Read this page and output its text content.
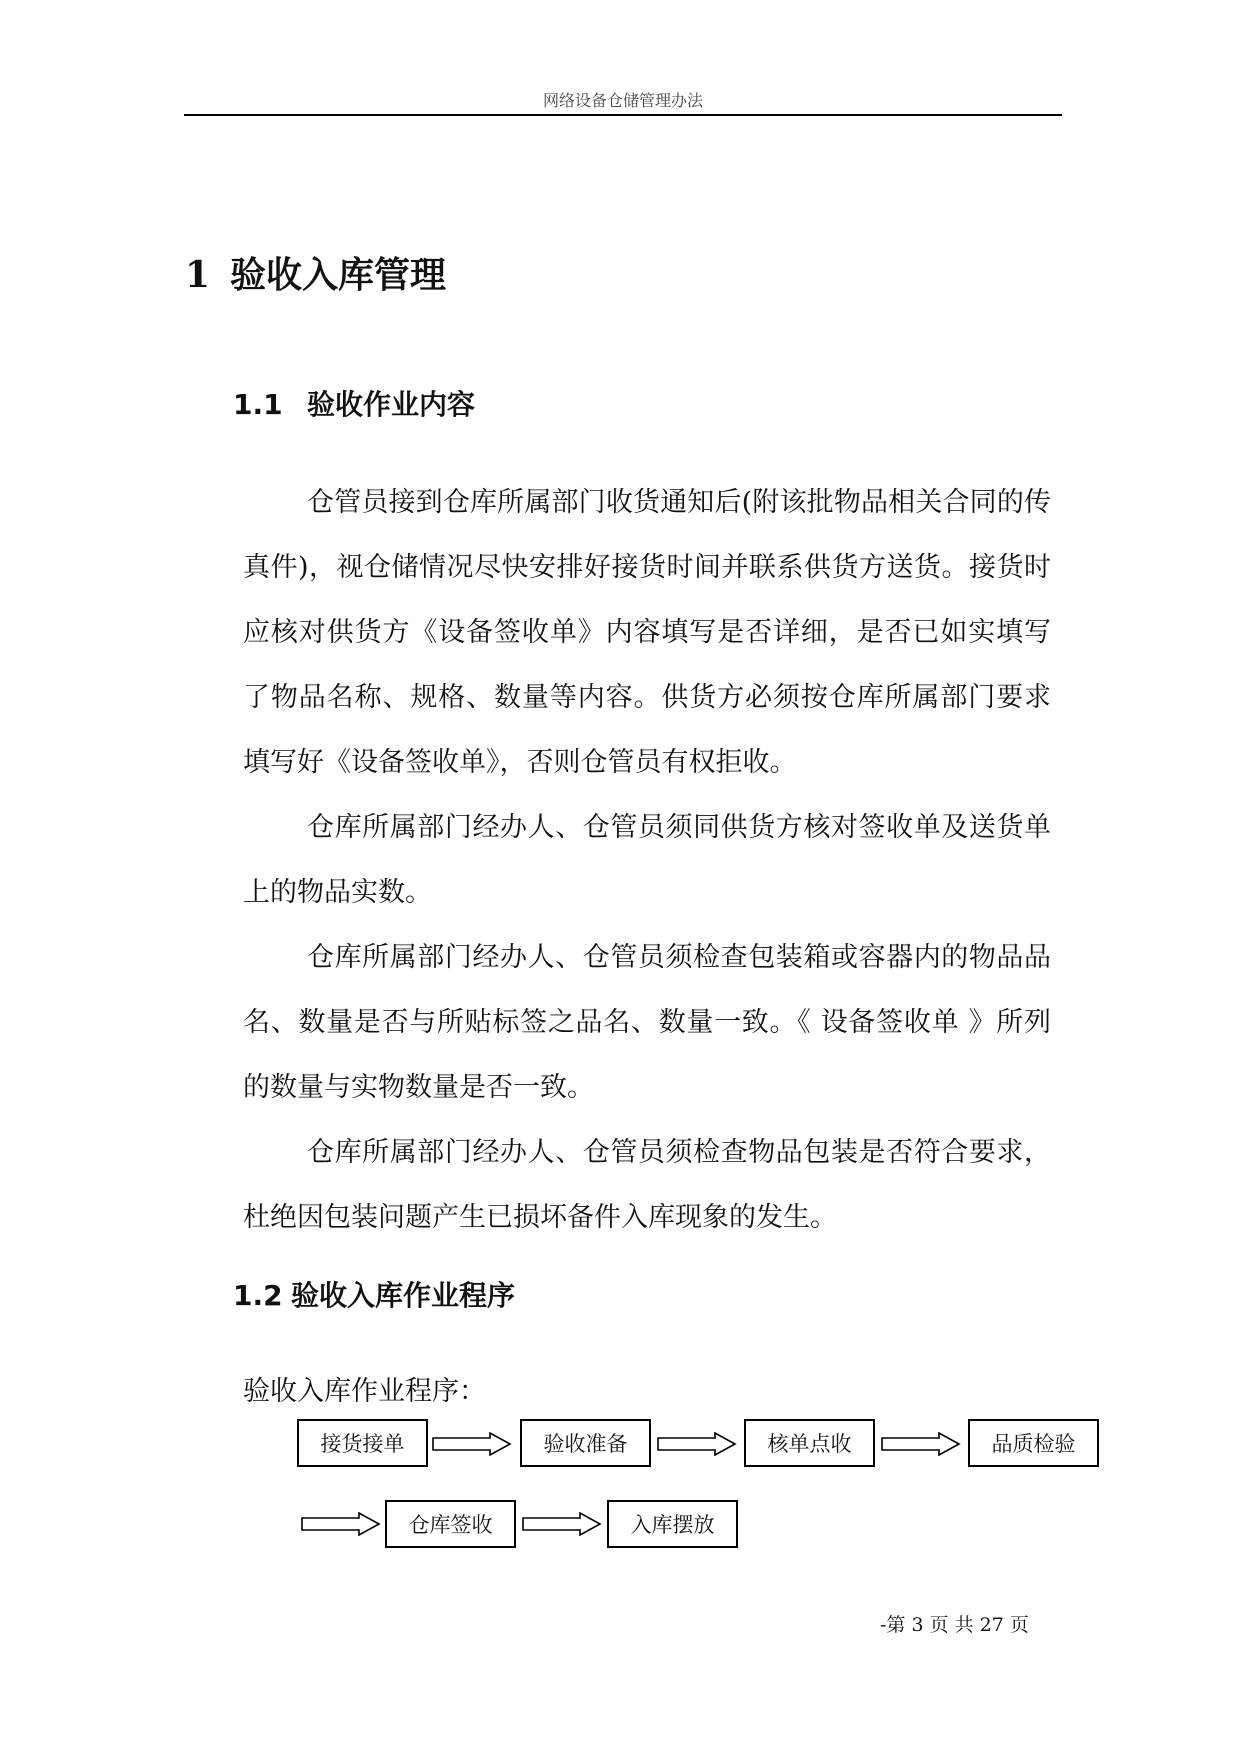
网络设备仓储管理办法
1 验收入库管理
1.1 验收作业内容

仓管员接到仓库所属部门收货通知后(附该批物品相关合同的传真件)，视仓储情况尽快安排好接货时间并联系供货方送货。接货时应核对供货方《设备签收单》内容填写是否详细，是否已如实填写了物品名称、规格、数量等内容。供货方必须按仓库所属部门要求填写好《设备签收单》，否则仓管员有权拒收。

仓库所属部门经办人、仓管员须同供货方核对签收单及送货单上的物品实数。

仓库所属部门经办人、仓管员须检查包装箱或容器内的物品品名、数量是否与所贴标签之品名、数量一致。《 设备签收单 》所列的数量与实物数量是否一致。

仓库所属部门经办人、仓管员须检查物品包装是否符合要求，杜绝因包装问题产生已损坏备件入库现象的发生。

1.2 验收入库作业程序
验收入库作业程序：
接货接单	验收准备	核单点收	品质检验
仓库签收	入库摆放
-第 3 页 共 27 页
